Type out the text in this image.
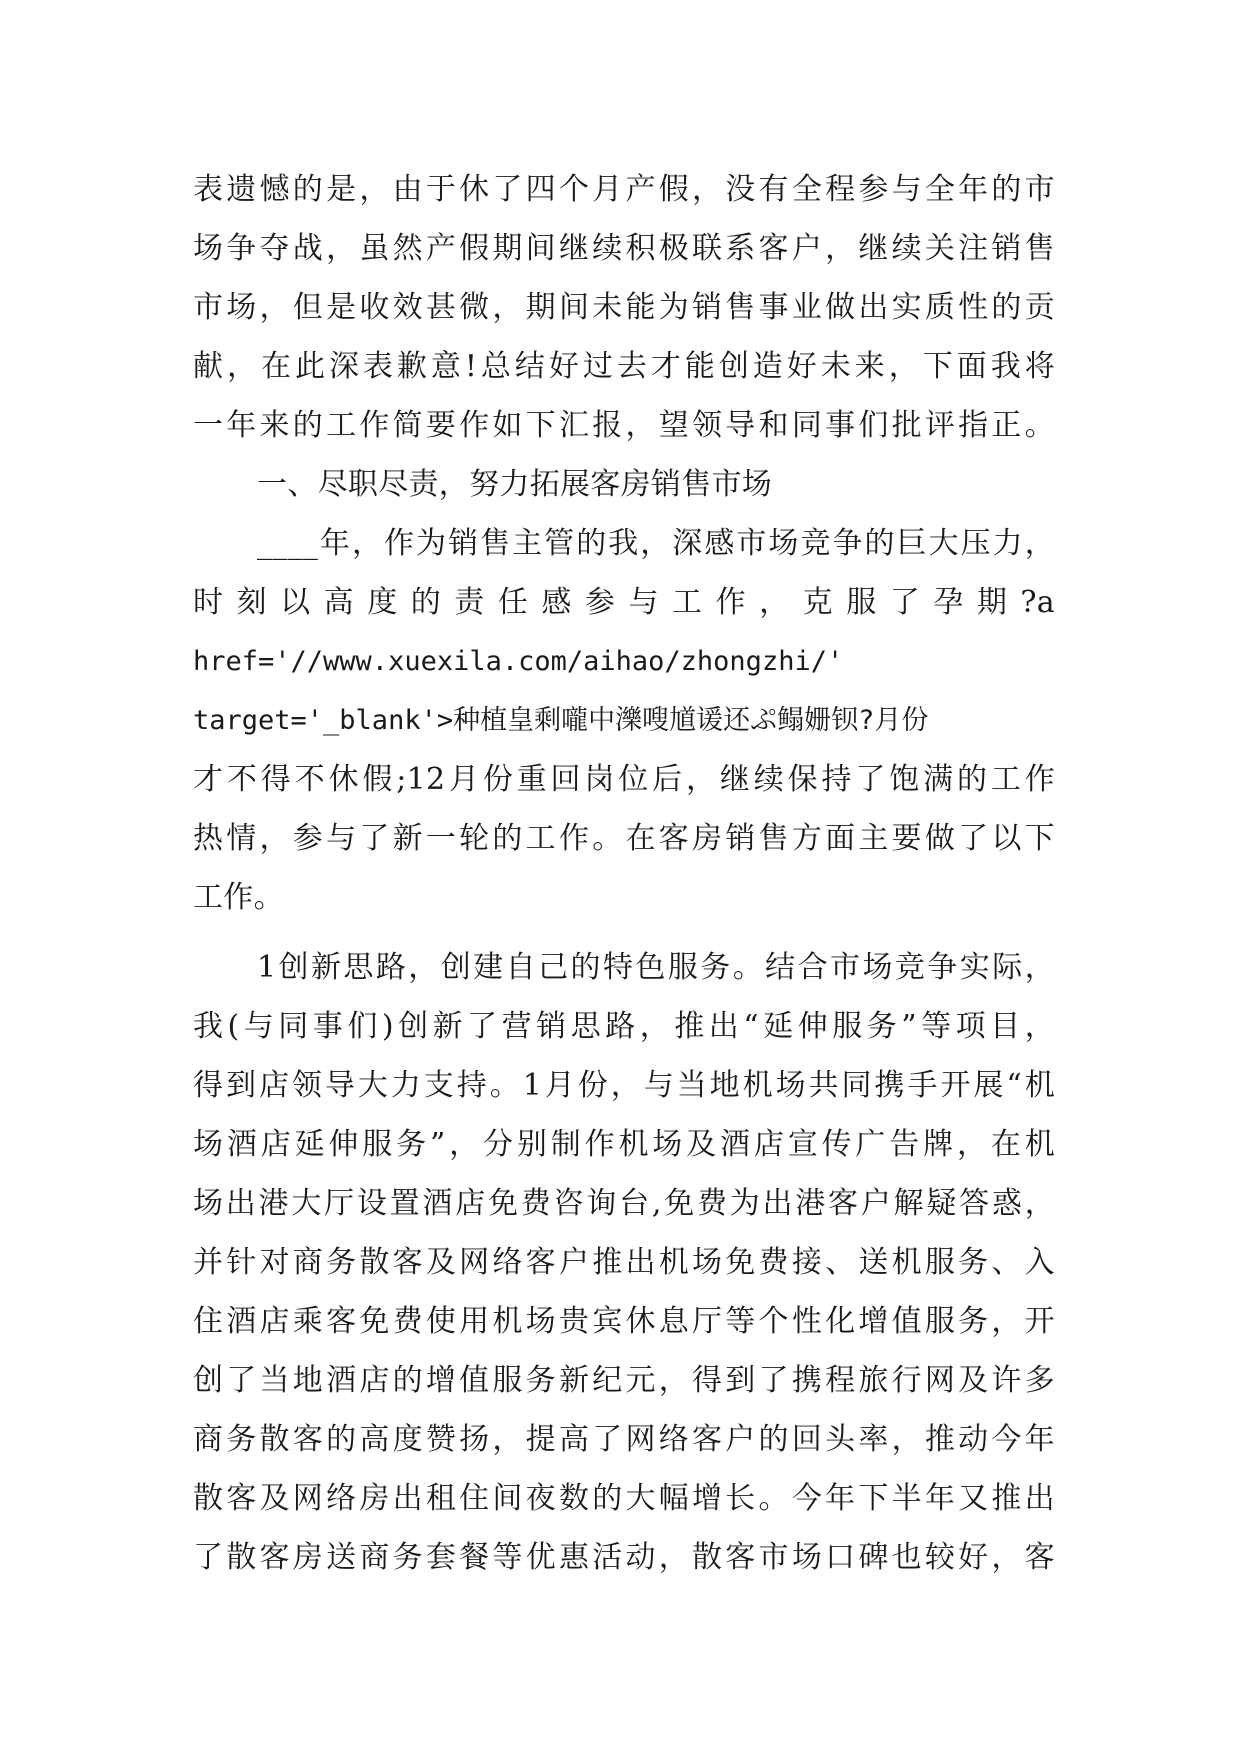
表遗憾的是，由于休了四个月产假，没有全程参与全年的市
场争夺战，虽然产假期间继续积极联系客户，继续关注销售
市场，但是收效甚微，期间未能为销售事业做出实质性的贡
献，在此深表歉意!总结好过去才能创造好未来，下面我将
一年来的工作简要作如下汇报，望领导和同事们批评指正。
一、尽职尽责，努力拓展客房销售市场
____年，作为销售主管的我，深感市场竞争的巨大压力，
时刻以高度的责任感参与工作，克服了孕期?a
href='//www.xuexila.com/aihao/zhongzhi/'
target='_blank'>种植皇剩嚨中濼嗖馗谖还ぷ鳎姗钡?月份
才不得不休假;12月份重回岗位后，继续保持了饱满的工作
热情，参与了新一轮的工作。在客房销售方面主要做了以下
工作。
1创新思路，创建自己的特色服务。结合市场竞争实际，
我(与同事们)创新了营销思路，推出“延伸服务”等项目，
得到店领导大力支持。1月份，与当地机场共同携手开展“机
场酒店延伸服务”，分别制作机场及酒店宣传广告牌，在机
场出港大厅设置酒店免费咨询台,免费为出港客户解疑答惑，
并针对商务散客及网络客户推出机场免费接、送机服务、入
住酒店乘客免费使用机场贵宾休息厅等个性化增值服务，开
创了当地酒店的增值服务新纪元，得到了携程旅行网及许多
商务散客的高度赞扬，提高了网络客户的回头率，推动今年
散客及网络房出租住间夜数的大幅增长。今年下半年又推出
了散客房送商务套餐等优惠活动，散客市场口碑也较好，客
